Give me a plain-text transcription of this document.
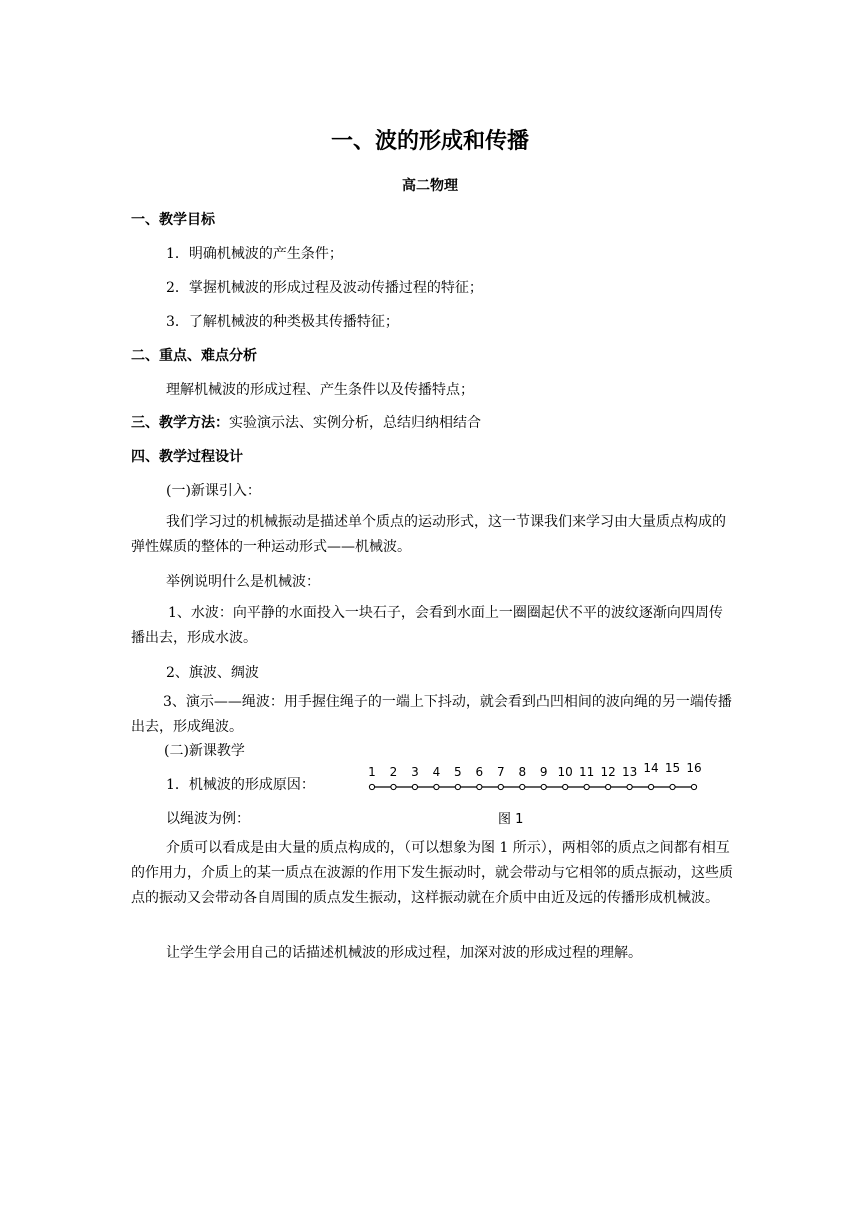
一、波的形成和传播
高二物理
一、教学目标
1．明确机械波的产生条件；
2．掌握机械波的形成过程及波动传播过程的特征；
3．了解机械波的种类极其传播特征；
二、重点、难点分析
理解机械波的形成过程、产生条件以及传播特点；
三、教学方法：实验演示法、实例分析，总结归纳相结合
四、教学过程设计
(一)新课引入：
我们学习过的机械振动是描述单个质点的运动形式，这一节课我们来学习由大量质点构成的弹性媒质的整体的一种运动形式——机械波。
举例说明什么是机械波：
1、水波：向平静的水面投入一块石子，会看到水面上一圈圈起伏不平的波纹逐渐向四周传播出去，形成水波。
2、旗波、绸波
3、演示——绳波：用手握住绳子的一端上下抖动，就会看到凸凹相间的波向绳的另一端传播出去，形成绳波。
(二)新课教学
1．机械波的形成原因：
以绳波为例：
1 2 3 4 5 6 7 8 9 10 11 12 13 14 15 16
图 1
介质可以看成是由大量的质点构成的，（可以想象为图 1 所示），两相邻的质点之间都有相互的作用力，介质上的某一质点在波源的作用下发生振动时，就会带动与它相邻的质点振动，这些质点的振动又会带动各自周围的质点发生振动，这样振动就在介质中由近及远的传播形成机械波。
让学生学会用自己的话描述机械波的形成过程，加深对波的形成过程的理解。
